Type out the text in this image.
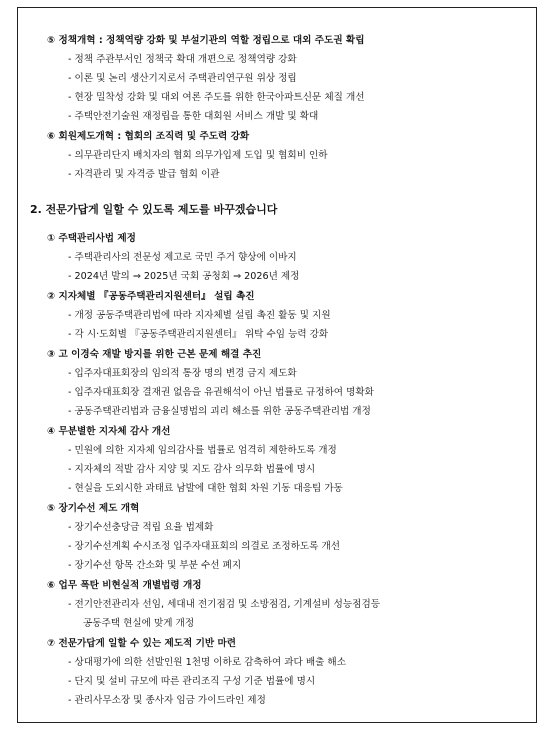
⑤ 정책개혁 : 정책역량 강화 및 부설기관의 역할 정립으로 대외 주도권 확립
- 정책 주관부서인 정책국 확대 개편으로 정책역량 강화
- 이론 및 논리 생산기지로서 주택관리연구원 위상 정립
- 현장 밀착성 강화 및 대외 여론 주도를 위한 한국아파트신문 체질 개선
- 주택안전기술원 재정립을 통한 대회원 서비스 개발 및 확대
⑥ 회원제도개혁 : 협회의 조직력 및 주도력 강화
- 의무관리단지 배치자의 협회 의무가입제 도입 및 협회비 인하
- 자격관리 및 자격증 발급 협회 이관
2. 전문가답게 일할 수 있도록 제도를 바꾸겠습니다
① 주택관리사법 제정
- 주택관리사의 전문성 제고로 국민 주거 향상에 이바지
- 2024년 발의 ⇒ 2025년 국회 공청회 ⇒ 2026년 제정
② 지자체별 『공동주택관리지원센터』 설립 촉진
- 개정 공동주택관리법에 따라 지자체별 설립 촉진 활동 및 지원
- 각 시·도회별 『공동주택관리지원센터』 위탁 수임 능력 강화
③ 고 이경숙 재발 방지를 위한 근본 문제 해결 추진
- 입주자대표회장의 임의적 통장 명의 변경 금지 제도화
- 입주자대표회장 결재권 없음을 유권해석이 아닌 법률로 규정하여 명확화
- 공동주택관리법과 금융실명법의 괴리 해소를 위한 공동주택관리법 개정
④ 무분별한 지자체 감사 개선
- 민원에 의한 지자체 임의감사를 법률로 엄격히 제한하도록 개정
- 지자체의 적발 감사 지양 및 지도 감사 의무화 법률에 명시
- 현실을 도외시한 과태료 남발에 대한 협회 차원 기동 대응팀 가동
⑤ 장기수선 제도 개혁
- 장기수선충당금 적립 요율 법제화
- 장기수선계획 수시조정 입주자대표회의 의결로 조정하도록 개선
- 장기수선 항목 간소화 및 부분 수선 폐지
⑥ 업무 폭탄 비현실적 개별법령 개정
- 전기안전관리자 선임, 세대내 전기점검 및 소방점검, 기계설비 성능점검등
공동주택 현실에 맞게 개정
⑦ 전문가답게 일할 수 있는 제도적 기반 마련
- 상대평가에 의한 선발인원 1천명 이하로 감축하여 과다 배출 해소
- 단지 및 설비 규모에 따른 관리조직 구성 기준 법률에 명시
- 관리사무소장 및 종사자 임금 가이드라인 제정
